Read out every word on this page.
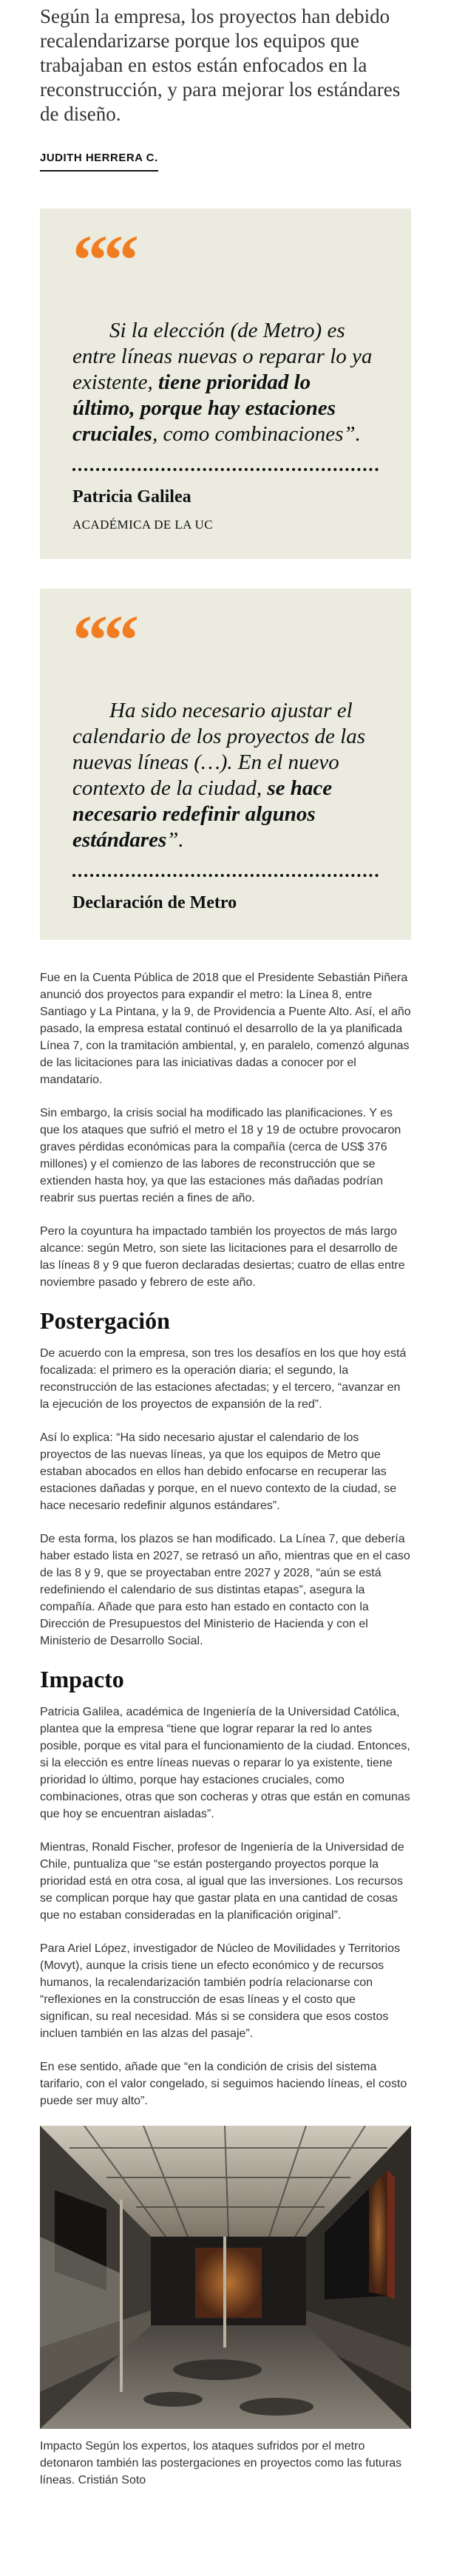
Según la empresa, los proyectos han debido recalendarizarse porque los equipos que trabajaban en estos están enfocados en la reconstrucción, y para mejorar los estándares de diseño.

JUDITH HERRERA C.
““

Si la elección (de Metro) es entre líneas nuevas o reparar lo ya existente, tiene prioridad lo último, porque hay estaciones cruciales, como combinaciones”.

Patricia Galilea
ACADÉMICA DE LA UC
““

Ha sido necesario ajustar el calendario de los proyectos de las nuevas líneas (…). En el nuevo contexto de la ciudad, se hace necesario redefinir algunos estándares”.

Declaración de Metro

Fue en la Cuenta Pública de 2018 que el Presidente Sebastián Piñera anunció dos proyectos para expandir el metro: la Línea 8, entre Santiago y La Pintana, y la 9, de Providencia a Puente Alto. Así, el año pasado, la empresa estatal continuó el desarrollo de la ya planificada Línea 7, con la tramitación ambiental, y, en paralelo, comenzó algunas de las licitaciones para las iniciativas dadas a conocer por el mandatario.

Sin embargo, la crisis social ha modificado las planificaciones. Y es que los ataques que sufrió el metro el 18 y 19 de octubre provocaron graves pérdidas económicas para la compañía (cerca de US$ 376 millones) y el comienzo de las labores de reconstrucción que se extienden hasta hoy, ya que las estaciones más dañadas podrían reabrir sus puertas recién a fines de año.

Pero la coyuntura ha impactado también los proyectos de más largo alcance: según Metro, son siete las licitaciones para el desarrollo de las líneas 8 y 9 que fueron declaradas desiertas; cuatro de ellas entre noviembre pasado y febrero de este año.

Postergación

De acuerdo con la empresa, son tres los desafíos en los que hoy está focalizada: el primero es la operación diaria; el segundo, la reconstrucción de las estaciones afectadas; y el tercero, “avanzar en la ejecución de los proyectos de expansión de la red”.

Así lo explica: “Ha sido necesario ajustar el calendario de los proyectos de las nuevas líneas, ya que los equipos de Metro que estaban abocados en ellos han debido enfocarse en recuperar las estaciones dañadas y porque, en el nuevo contexto de la ciudad, se hace necesario redefinir algunos estándares”.

De esta forma, los plazos se han modificado. La Línea 7, que debería haber estado lista en 2027, se retrasó un año, mientras que en el caso de las 8 y 9, que se proyectaban entre 2027 y 2028, “aún se está redefiniendo el calendario de sus distintas etapas”, asegura la compañía. Añade que para esto han estado en contacto con la Dirección de Presupuestos del Ministerio de Hacienda y con el Ministerio de Desarrollo Social.

Impacto

Patricia Galilea, académica de Ingeniería de la Universidad Católica, plantea que la empresa “tiene que lograr reparar la red lo antes posible, porque es vital para el funcionamiento de la ciudad. Entonces, si la elección es entre líneas nuevas o reparar lo ya existente, tiene prioridad lo último, porque hay estaciones cruciales, como combinaciones, otras que son cocheras y otras que están en comunas que hoy se encuentran aisladas”.

Mientras, Ronald Fischer, profesor de Ingeniería de la Universidad de Chile, puntualiza que “se están postergando proyectos porque la prioridad está en otra cosa, al igual que las inversiones. Los recursos se complican porque hay que gastar plata en una cantidad de cosas que no estaban consideradas en la planificación original”.

Para Ariel López, investigador de Núcleo de Movilidades y Territorios (Movyt), aunque la crisis tiene un efecto económico y de recursos humanos, la recalendarización también podría relacionarse con “reflexiones en la construcción de esas líneas y el costo que significan, su real necesidad. Más si se considera que esos costos incluen también en las alzas del pasaje”.

En ese sentido, añade que “en la condición de crisis del sistema tarifario, con el valor congelado, si seguimos haciendo líneas, el costo puede ser muy alto”.

Impacto Según los expertos, los ataques sufridos por el metro detonaron también las postergaciones en proyectos como las futuras líneas. Cristián Soto
